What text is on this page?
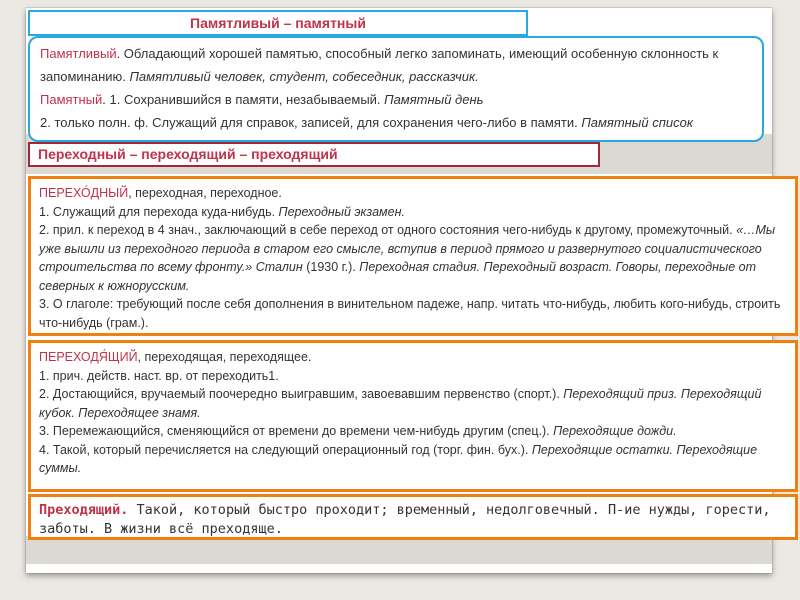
Памятливый – памятный

Памятливый. Обладающий хорошей памятью, способный легко запоминать, имеющий особенную склонность к запоминанию. Памятливый человек, студент, собеседник, рассказчик.

Памятный. 1. Сохранившийся в памяти, незабываемый. Памятный день

2. только полн. ф. Служащий для справок, записей, для сохранения чего-либо в памяти. Памятный список

Переходный – переходящий – преходящий

ПЕРЕХО́ДНЫЙ, переходная, переходное.

1. Служащий для перехода куда-нибудь. Переходный экзамен.

2. прил. к переход в 4 знач., заключающий в себе переход от одного состояния чего-нибудь к другому, промежуточный. «…Мы уже вышли из переходного периода в старом его смысле, вступив в период прямого и развернутого социалистического строительства по всему фронту.» Сталин (1930 г.). Переходная стадия. Переходный возраст. Говоры, переходные от северных к южнорусским.

3. О глаголе: требующий после себя дополнения в винительном падеже, напр. читать что-нибудь, любить кого-нибудь, строить что-нибудь (грам.).

ПЕРЕХОДЯ́ЩИЙ, переходящая, переходящее.

1. прич. действ. наст. вр. от переходить1.

2. Достающийся, вручаемый поочередно выигравшим, завоевавшим первенство (спорт.). Переходящий приз. Переходящий кубок. Переходящее знамя.

3. Перемежающийся, сменяющийся от времени до времени чем-нибудь другим (спец.). Переходящие дожди.

4. Такой, который перечисляется на следующий операционный год (торг. фин. бух.). Переходящие остатки. Переходящие суммы.

Преходящий. Такой, который быстро проходит; временный, недолговечный. П-ие нужды, горести, заботы. В жизни всё преходяще.
